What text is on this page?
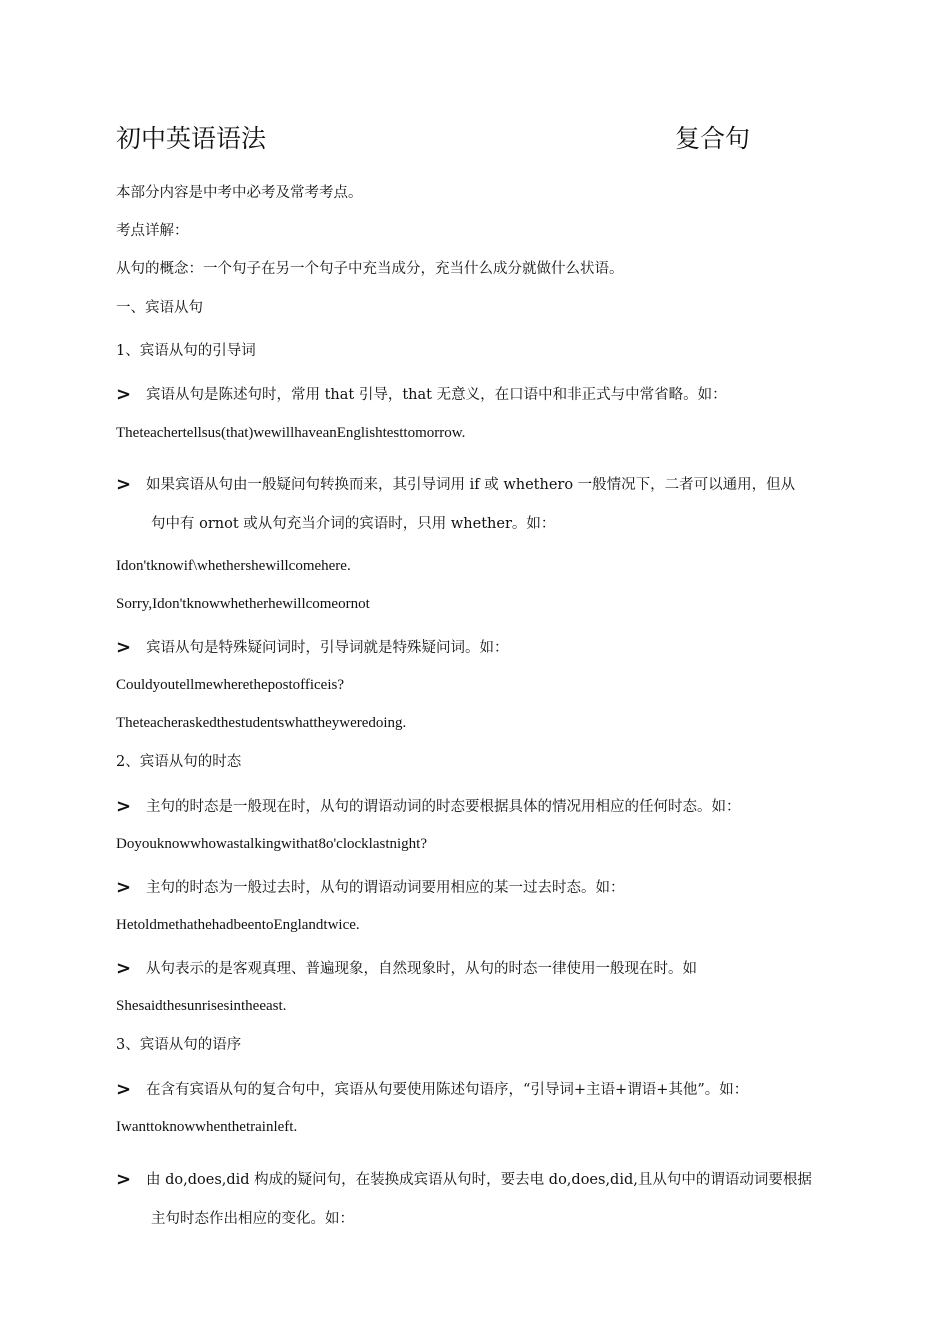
初中英语语法	复合句
本部分内容是中考中必考及常考考点。
考点详解：
从句的概念：一个句子在另一个句子中充当成分，充当什么成分就做什么状语。
一、宾语从句
1、宾语从句的引导词
> 宾语从句是陈述句时，常用 that 引导，that 无意义，在口语中和非正式与中常省略。如：
Theteachertellsus(that)wewillhaveanEnglishtesttomorrow.
> 如果宾语从句由一般疑问句转换而来，其引导词用 if 或 whethero 一般情况下，二者可以通用，但从
句中有 ornot 或从句充当介词的宾语时，只用 whether。如：
Idon'tknowif\whethershewillcomehere.
Sorry,Idon'tknowwhetherhewillcomeornot
> 宾语从句是特殊疑问词时，引导词就是特殊疑问词。如：
Couldyoutellmewherethepostofficeis?
Theteacheraskedthestudentswhattheyweredoing.
2、宾语从句的时态
> 主句的时态是一般现在时，从句的谓语动词的时态要根据具体的情况用相应的任何时态。如：
Doyouknowwhowastalkingwithat8o'clocklastnight?
> 主句的时态为一般过去时，从句的谓语动词要用相应的某一过去时态。如：
HetoldmethathehadbeentoEnglandtwice.
> 从句表示的是客观真理、普遍现象，自然现象时，从句的时态一律使用一般现在时。如
Shesaidthesunrisesintheeast.
3、宾语从句的语序
> 在含有宾语从句的复合句中，宾语从句要使用陈述句语序，“引导词+主语+谓语+其他”。如：
Iwanttoknowwhenthetrainleft.
> 由 do,does,did 构成的疑问句，在装换成宾语从句时，要去电 do,does,did,且从句中的谓语动词要根据
主句时态作出相应的变化。如：
